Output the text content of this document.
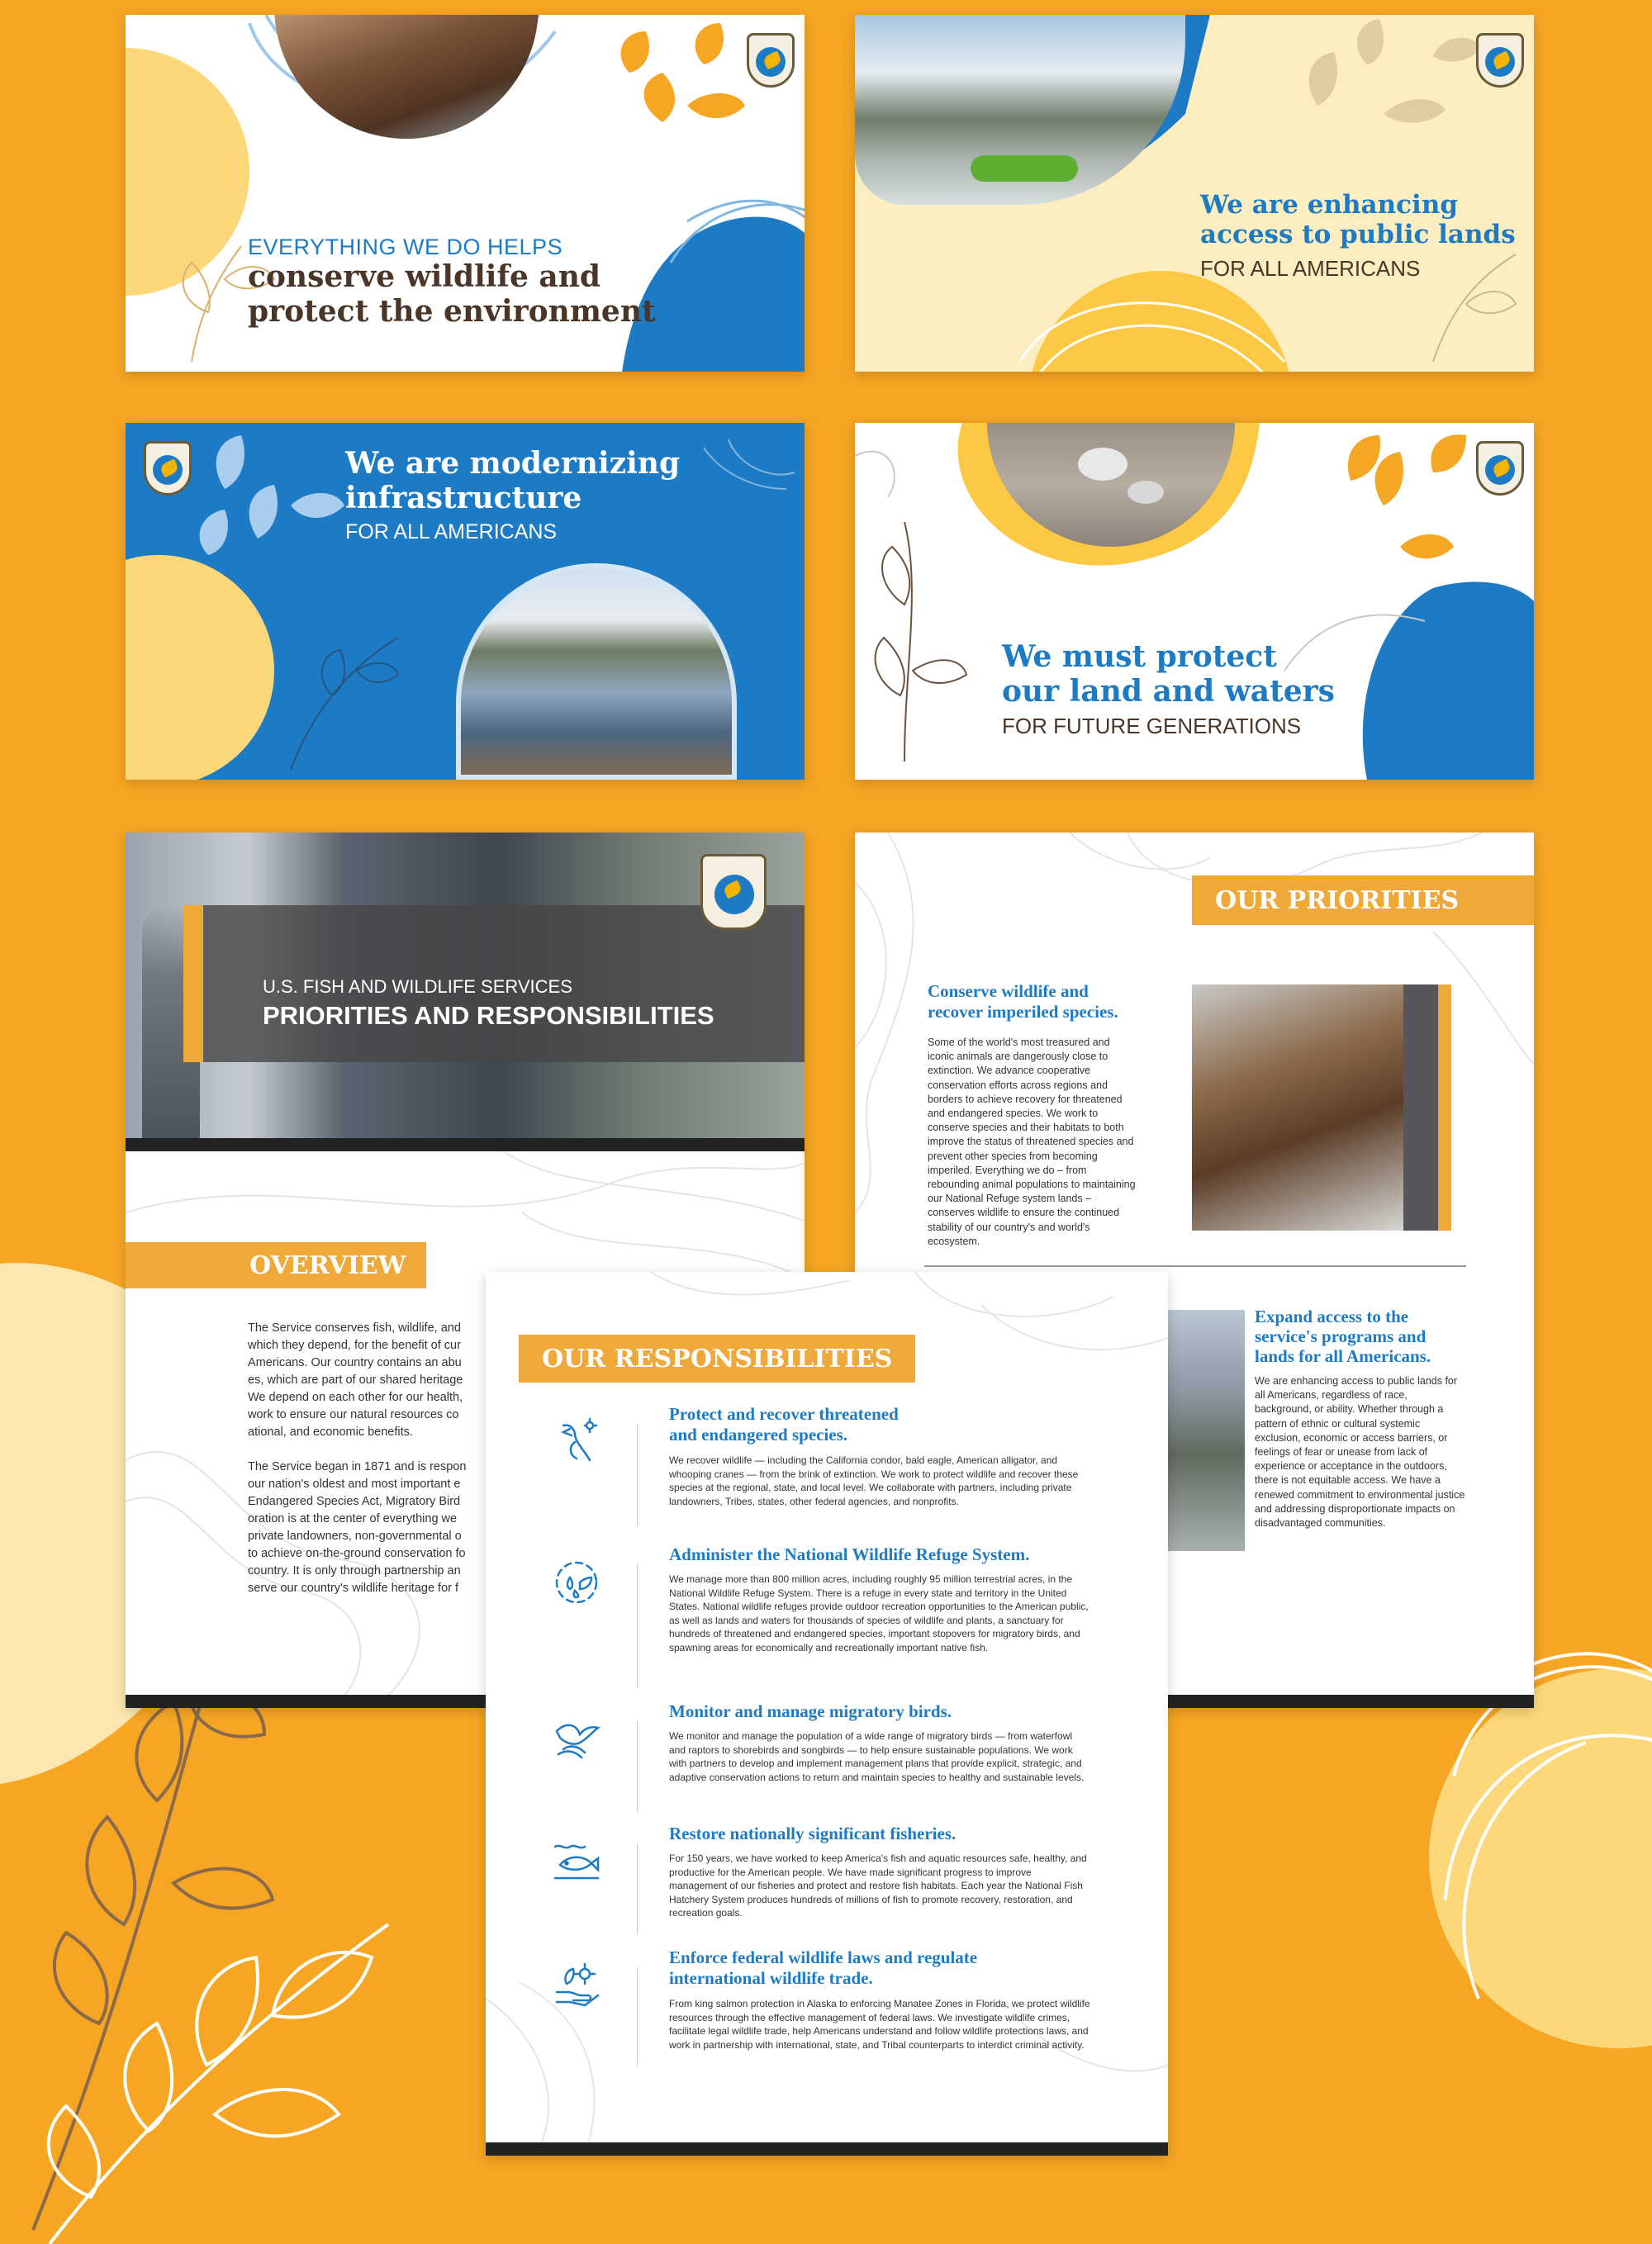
EVERYTHING WE DO HELPS
conserve wildlife and
protect the environment
We are enhancing
access to public lands
FOR ALL AMERICANS
We are modernizing
infrastructure
FOR ALL AMERICANS
We must protect
our land and waters
FOR FUTURE GENERATIONS
U.S. FISH AND WILDLIFE SERVICES
PRIORITIES AND RESPONSIBILITIES
OVERVIEW
The Service conserves fish, wildlife, and
which they depend, for the benefit of cur
Americans. Our country contains an abu
es, which are part of our shared heritage
We depend on each other for our health,
work to ensure our natural resources co
ational, and economic benefits.
The Service began in 1871 and is respon
our nation's oldest and most important e
Endangered Species Act, Migratory Bird
oration is at the center of everything we
private landowners, non-governmental o
to achieve on-the-ground conservation fo
country. It is only through partnership an
serve our country's wildlife heritage for f
OUR PRIORITIES
Conserve wildlife and
recover imperiled species.
Some of the world's most treasured and iconic animals are dangerously close to extinction. We advance cooperative conservation efforts across regions and borders to achieve recovery for threatened and endangered species. We work to conserve species and their habitats to both improve the status of threatened species and prevent other species from becoming imperiled. Everything we do – from rebounding animal populations to maintaining our National Refuge system lands – conserves wildlife to ensure the continued stability of our country's and world's ecosystem.
Expand access to the
service's programs and
lands for all Americans.
We are enhancing access to public lands for all Americans, regardless of race, background, or ability. Whether through a pattern of ethnic or cultural systemic exclusion, economic or access barriers, or feelings of fear or unease from lack of experience or acceptance in the outdoors, there is not equitable access. We have a renewed commitment to environmental justice and addressing disproportionate impacts on disadvantaged communities.
OUR RESPONSIBILITIES
Protect and recover threatened
and endangered species.
We recover wildlife — including the California condor, bald eagle, American alligator, and whooping cranes — from the brink of extinction. We work to protect wildlife and recover these species at the regional, state, and local level. We collaborate with partners, including private landowners, Tribes, states, other federal agencies, and nonprofits.
Administer the National Wildlife Refuge System.
We manage more than 800 million acres, including roughly 95 million terrestrial acres, in the National Wildlife Refuge System. There is a refuge in every state and territory in the United States. National wildlife refuges provide outdoor recreation opportunities to the American public, as well as lands and waters for thousands of species of wildlife and plants, a sanctuary for hundreds of threatened and endangered species, important stopovers for migratory birds, and spawning areas for economically and recreationally important native fish.
Monitor and manage migratory birds.
We monitor and manage the population of a wide range of migratory birds — from waterfowl and raptors to shorebirds and songbirds — to help ensure sustainable populations. We work with partners to develop and implement management plans that provide explicit, strategic, and adaptive conservation actions to return and maintain species to healthy and sustainable levels.
Restore nationally significant fisheries.
For 150 years, we have worked to keep America's fish and aquatic resources safe, healthy, and productive for the American people. We have made significant progress to improve management of our fisheries and protect and restore fish habitats. Each year the National Fish Hatchery System produces hundreds of millions of fish to promote recovery, restoration, and recreation goals.
Enforce federal wildlife laws and regulate
international wildlife trade.
From king salmon protection in Alaska to enforcing Manatee Zones in Florida, we protect wildlife resources through the effective management of federal laws. We investigate wildlife crimes, facilitate legal wildlife trade, help Americans understand and follow wildlife protections laws, and work in partnership with international, state, and Tribal counterparts to interdict criminal activity.
